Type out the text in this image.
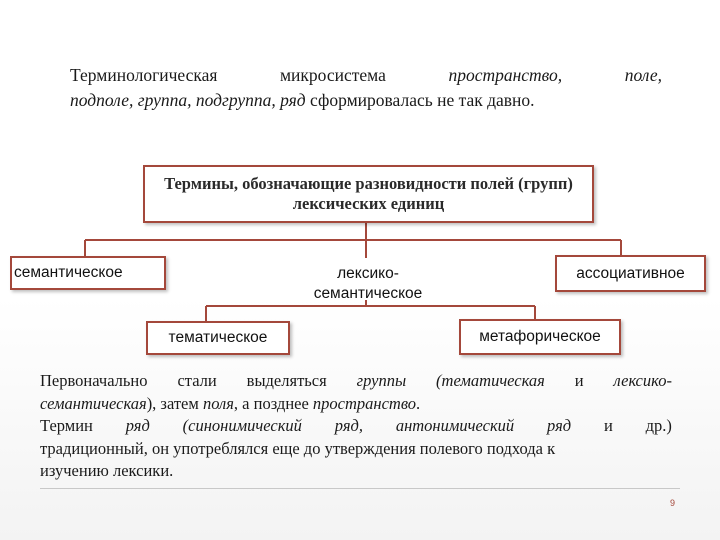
Терминологическая	микросистема	пространство,	поле,
подполе, группа, подгруппа, ряд сформировалась не так давно.
Термины, обозначающие разновидности полей (групп) лексических единиц
семантическое	лексико-
семантическое
ассоциативное
тематическое	метафорическое
Первоначально стали выделяться группы (тематическая и лексико-
семантическая), затем поля, а позднее пространство.
Термин ряд (синонимический ряд, антонимический ряд и др.)
традиционный, он употреблялся еще до утверждения полевого подхода к
изучению лексики.
9
